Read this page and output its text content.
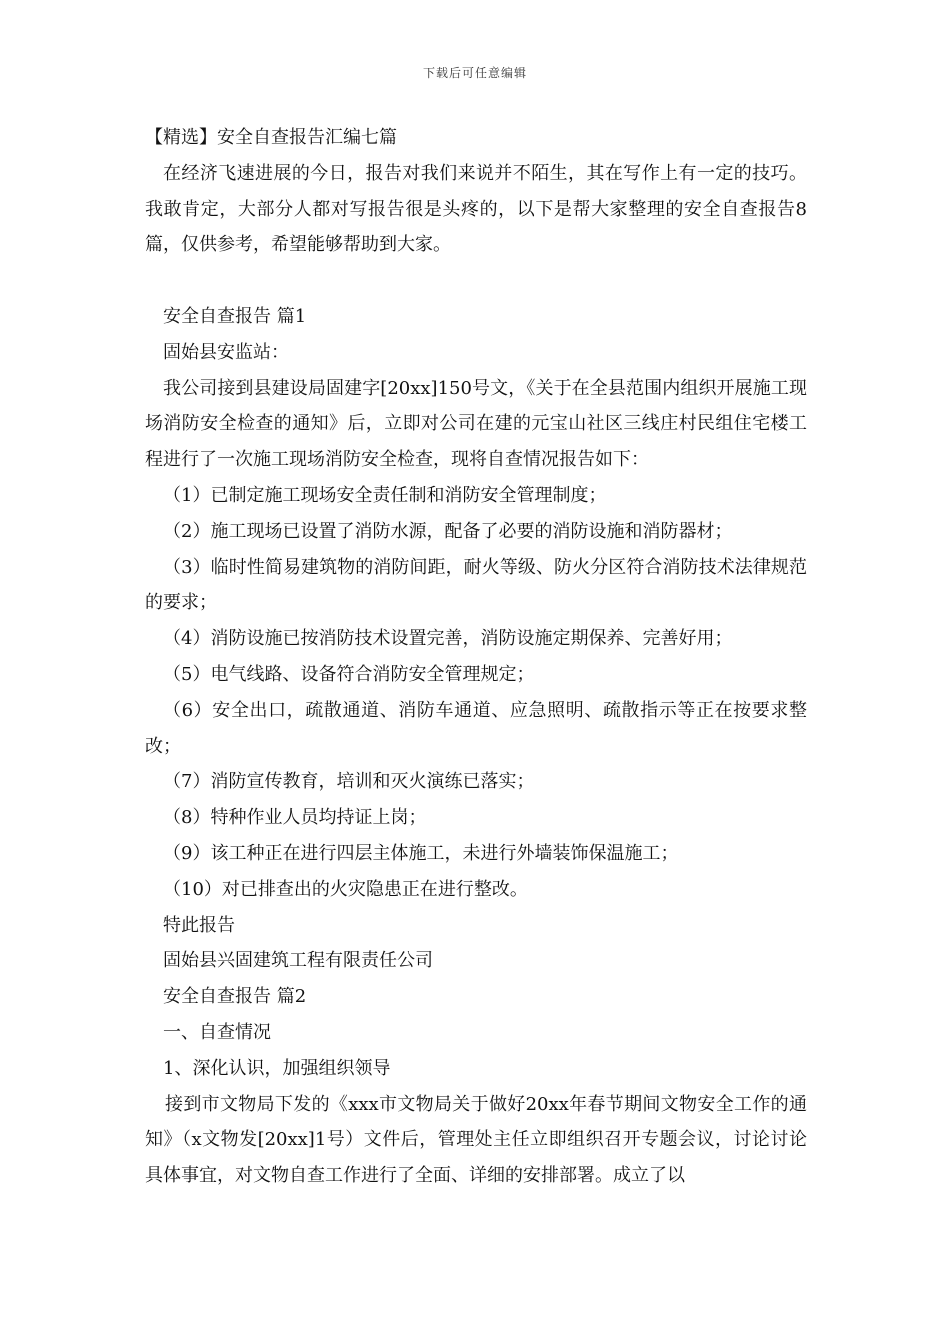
下载后可任意编辑

【精选】安全自查报告汇编七篇

在经济飞速进展的今日，报告对我们来说并不陌生，其在写作上有一定的技巧。我敢肯定，大部分人都对写报告很是头疼的，以下是帮大家整理的安全自查报告8篇，仅供参考，希望能够帮助到大家。

安全自查报告 篇1

固始县安监站：

我公司接到县建设局固建字[20xx]150号文，《关于在全县范围内组织开展施工现场消防安全检查的通知》后，立即对公司在建的元宝山社区三线庄村民组住宅楼工程进行了一次施工现场消防安全检查，现将自查情况报告如下：

（1）已制定施工现场安全责任制和消防安全管理制度；

（2）施工现场已设置了消防水源，配备了必要的消防设施和消防器材；

（3）临时性简易建筑物的消防间距，耐火等级、防火分区符合消防技术法律规范的要求；

（4）消防设施已按消防技术设置完善，消防设施定期保养、完善好用；

（5）电气线路、设备符合消防安全管理规定；

（6）安全出口，疏散通道、消防车通道、应急照明、疏散指示等正在按要求整改；

（7）消防宣传教育，培训和灭火演练已落实；

（8）特种作业人员均持证上岗；

（9）该工种正在进行四层主体施工，未进行外墙装饰保温施工；

（10）对已排查出的火灾隐患正在进行整改。

特此报告

固始县兴固建筑工程有限责任公司

安全自查报告 篇2

一、自查情况

1、深化认识，加强组织领导

接到市文物局下发的《xxx市文物局关于做好20xx年春节期间文物安全工作的通知》（x文物发[20xx]1号）文件后，管理处主任立即组织召开专题会议，讨论讨论具体事宜，对文物自查工作进行了全面、详细的安排部署。成立了以
